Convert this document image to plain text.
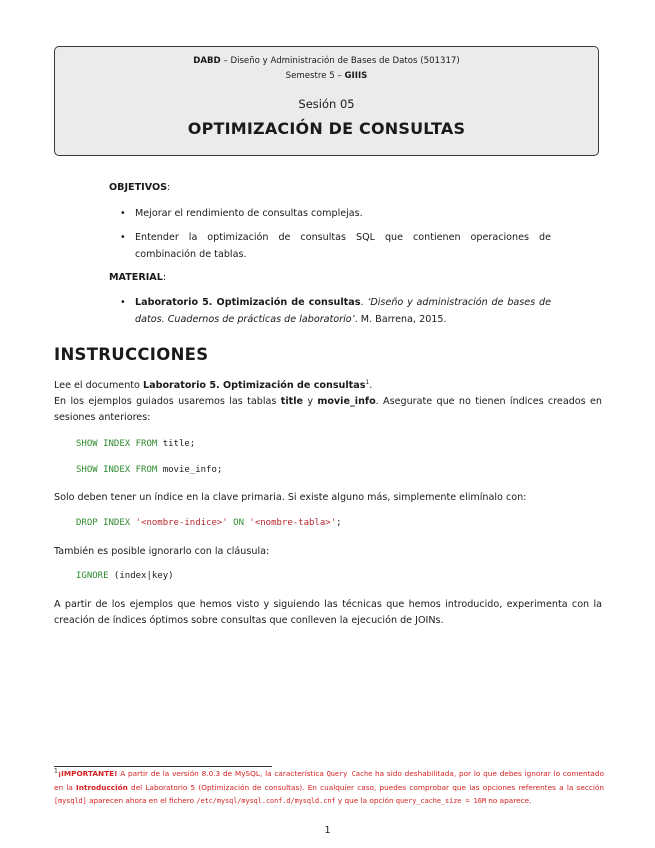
DABD – Diseño y Administración de Bases de Datos (501317)
Semestre 5 – GIIIS
Sesión 05
OPTIMIZACIÓN DE CONSULTAS
OBJETIVOS:
• Mejorar el rendimiento de consultas complejas.
• Entender la optimización de consultas SQL que contienen operaciones de combinación de tablas.
MATERIAL:
• Laboratorio 5. Optimización de consultas. ‘Diseño y administración de bases de datos. Cuadernos de prácticas de laboratorio’. M. Barrena, 2015.
INSTRUCCIONES
Lee el documento Laboratorio 5. Optimización de consultas$^1$.
En los ejemplos guiados usaremos las tablas title y movie_info. Asegurate que no tienen índices creados en sesiones anteriores:
SHOW INDEX FROM title;
SHOW INDEX FROM movie_info;
Solo deben tener un índice en la clave primaria. Si existe alguno más, simplemente elimínalo con:
DROP INDEX '<nombre-indice>' ON '<nombre-tabla>';
También es posible ignorarlo con la cláusula:
IGNORE (index|key)
A partir de los ejemplos que hemos visto y siguiendo las técnicas que hemos introducido, experimenta con la creación de índices óptimos sobre consultas que conlleven la ejecución de JOINs.
$^1$¡IMPORTANTE! A partir de la versión 8.0.3 de MySQL, la característica Query Cache ha sido deshabilitada, por lo que debes ignorar lo comentado en la Introducción del Laboratorio 5 (Optimización de consultas). En cualquier caso, puedes comprobar que las opciones referentes a la sección [mysqld] aparecen ahora en el fichero /etc/mysql/mysql.conf.d/mysqld.cnf y que la opción query_cache_size = 16M no aparece.
1
